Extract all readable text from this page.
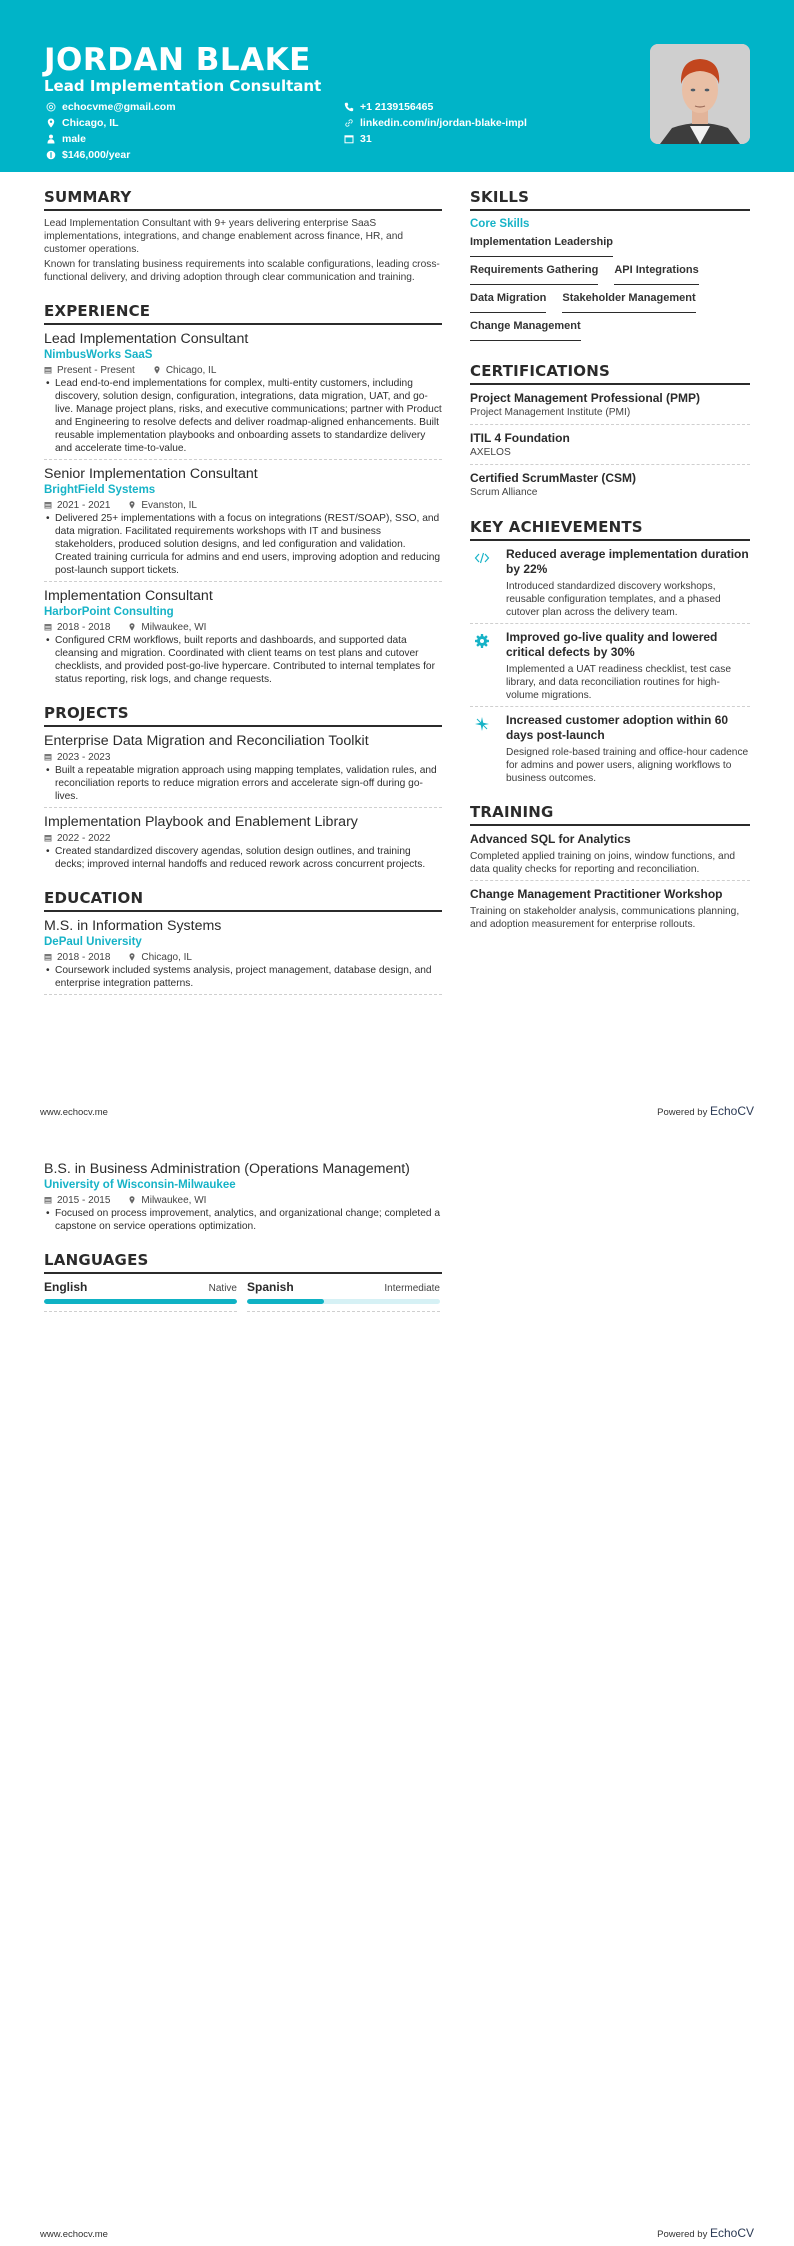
JORDAN BLAKE
Lead Implementation Consultant
echocvme@gmail.com
Chicago, IL
male
$146,000/year
+1 2139156465
linkedin.com/in/jordan-blake-impl
31
SUMMARY
Lead Implementation Consultant with 9+ years delivering enterprise SaaS implementations, integrations, and change enablement across finance, HR, and customer operations.
Known for translating business requirements into scalable configurations, leading cross-functional delivery, and driving adoption through clear communication and training.
EXPERIENCE
Lead Implementation Consultant
NimbusWorks SaaS
Present - Present	Chicago, IL
• Lead end-to-end implementations for complex, multi-entity customers, including discovery, solution design, configuration, integrations, data migration, UAT, and go-live. Manage project plans, risks, and executive communications; partner with Product and Engineering to resolve defects and deliver roadmap-aligned enhancements. Built reusable implementation playbooks and onboarding assets to standardize delivery and accelerate time-to-value.
Senior Implementation Consultant
BrightField Systems
2021 - 2021	Evanston, IL
• Delivered 25+ implementations with a focus on integrations (REST/SOAP), SSO, and data migration. Facilitated requirements workshops with IT and business stakeholders, produced solution designs, and led configuration and validation. Created training curricula for admins and end users, improving adoption and reducing post-launch support tickets.
Implementation Consultant
HarborPoint Consulting
2018 - 2018	Milwaukee, WI
• Configured CRM workflows, built reports and dashboards, and supported data cleansing and migration. Coordinated with client teams on test plans and cutover checklists, and provided post-go-live hypercare. Contributed to internal templates for status reporting, risk logs, and change requests.
PROJECTS
Enterprise Data Migration and Reconciliation Toolkit
2023 - 2023
• Built a repeatable migration approach using mapping templates, validation rules, and reconciliation reports to reduce migration errors and accelerate sign-off during go-lives.
Implementation Playbook and Enablement Library
2022 - 2022
• Created standardized discovery agendas, solution design outlines, and training decks; improved internal handoffs and reduced rework across concurrent projects.
EDUCATION
M.S. in Information Systems
DePaul University
2018 - 2018	Chicago, IL
• Coursework included systems analysis, project management, database design, and enterprise integration patterns.
SKILLS
Core Skills
Implementation Leadership
Requirements Gathering API Integrations
Data Migration Stakeholder Management
Change Management
CERTIFICATIONS
Project Management Professional (PMP)
Project Management Institute (PMI)
ITIL 4 Foundation
AXELOS
Certified ScrumMaster (CSM)
Scrum Alliance
KEY ACHIEVEMENTS
Reduced average implementation duration by 22%
Introduced standardized discovery workshops, reusable configuration templates, and a phased cutover plan across the delivery team.
Improved go-live quality and lowered critical defects by 30%
Implemented a UAT readiness checklist, test case library, and data reconciliation routines for high-volume migrations.
Increased customer adoption within 60 days post-launch
Designed role-based training and office-hour cadence for admins and power users, aligning workflows to business outcomes.
TRAINING
Advanced SQL for Analytics
Completed applied training on joins, window functions, and data quality checks for reporting and reconciliation.
Change Management Practitioner Workshop
Training on stakeholder analysis, communications planning, and adoption measurement for enterprise rollouts.
www.echocv.me	Powered by EchoCV
B.S. in Business Administration (Operations Management)
University of Wisconsin-Milwaukee
2015 - 2015	Milwaukee, WI
• Focused on process improvement, analytics, and organizational change; completed a capstone on service operations optimization.
LANGUAGES
English	Native Spanish	Intermediate
www.echocv.me	Powered by EchoCV
